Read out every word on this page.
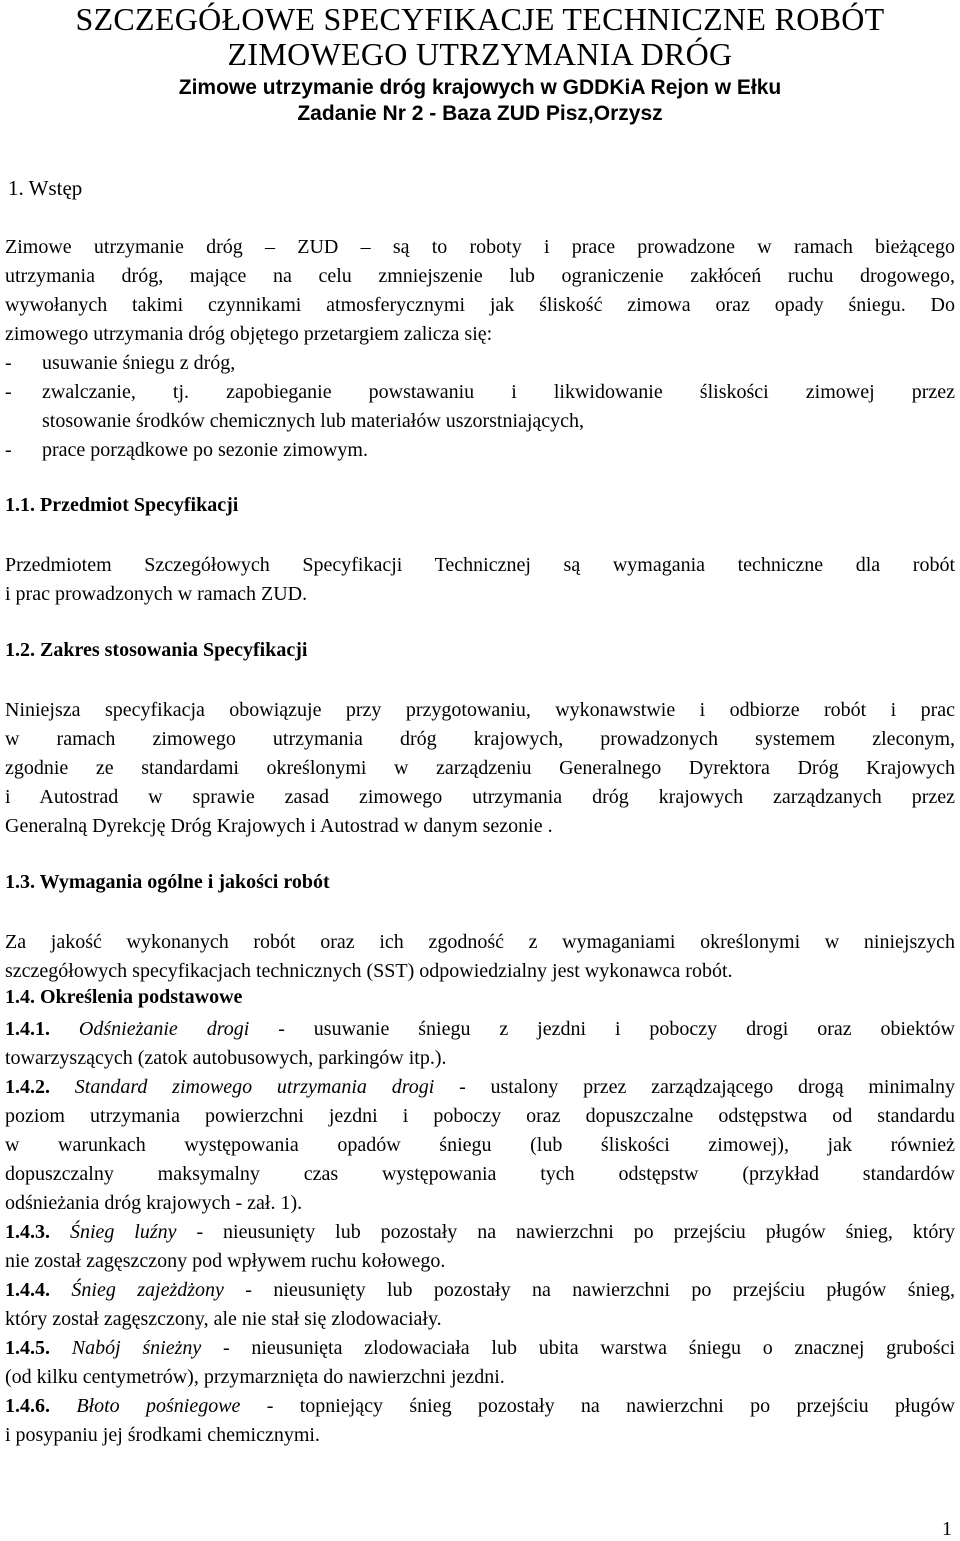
SZCZEGÓŁOWE SPECYFIKACJE TECHNICZNE ROBÓT

ZIMOWEGO UTRZYMANIA DRÓG

Zimowe utrzymanie dróg krajowych w GDDKiA Rejon w Ełku

Zadanie Nr 2 - Baza ZUD Pisz,Orzysz

1. Wstęp

Zimowe utrzymanie dróg – ZUD – są to roboty i prace prowadzone w ramach bieżącego
utrzymania dróg, mające na celu zmniejszenie lub ograniczenie zakłóceń ruchu drogowego,
wywołanych takimi czynnikami atmosferycznymi jak śliskość zimowa oraz opady śniegu. Do
zimowego utrzymania dróg objętego przetargiem zalicza się:
- usuwanie śniegu z dróg,
- zwalczanie, tj. zapobieganie powstawaniu i likwidowanie śliskości zimowej przez
stosowanie środków chemicznych lub materiałów uszorstniających,
- prace porządkowe po sezonie zimowym.

1.1. Przedmiot Specyfikacji

Przedmiotem Szczegółowych Specyfikacji Technicznej są wymagania techniczne dla robót
i prac prowadzonych w ramach ZUD.

1.2. Zakres stosowania Specyfikacji

Niniejsza specyfikacja obowiązuje przy przygotowaniu, wykonawstwie i odbiorze robót i prac
w ramach zimowego utrzymania dróg krajowych, prowadzonych systemem zleconym,
zgodnie ze standardami określonymi w zarządzeniu Generalnego Dyrektora Dróg Krajowych
i Autostrad w sprawie zasad zimowego utrzymania dróg krajowych zarządzanych przez
Generalną Dyrekcję Dróg Krajowych i Autostrad w danym sezonie .

1.3. Wymagania ogólne i jakości robót

Za jakość wykonanych robót oraz ich zgodność z wymaganiami określonymi w niniejszych
szczegółowych specyfikacjach technicznych (SST) odpowiedzialny jest wykonawca robót.

1.4. Określenia podstawowe

1.4.1. Odśnieżanie drogi - usuwanie śniegu z jezdni i poboczy drogi oraz obiektów
towarzyszących (zatok autobusowych, parkingów itp.).
1.4.2. Standard zimowego utrzymania drogi - ustalony przez zarządzającego drogą minimalny
poziom utrzymania powierzchni jezdni i poboczy oraz dopuszczalne odstępstwa od standardu
w warunkach występowania opadów śniegu (lub śliskości zimowej), jak również
dopuszczalny maksymalny czas występowania tych odstępstw (przykład standardów
odśnieżania dróg krajowych - zał. 1).
1.4.3. Śnieg luźny - nieusunięty lub pozostały na nawierzchni po przejściu pługów śnieg, który
nie został zagęszczony pod wpływem ruchu kołowego.
1.4.4. Śnieg zajeżdżony - nieusunięty lub pozostały na nawierzchni po przejściu pługów śnieg,
który został zagęszczony, ale nie stał się zlodowaciały.
1.4.5. Nabój śnieżny - nieusunięta zlodowaciała lub ubita warstwa śniegu o znacznej grubości
(od kilku centymetrów), przymarznięta do nawierzchni jezdni.
1.4.6. Błoto pośniegowe - topniejący śnieg pozostały na nawierzchni po przejściu pługów
i posypaniu jej środkami chemicznymi.
1
